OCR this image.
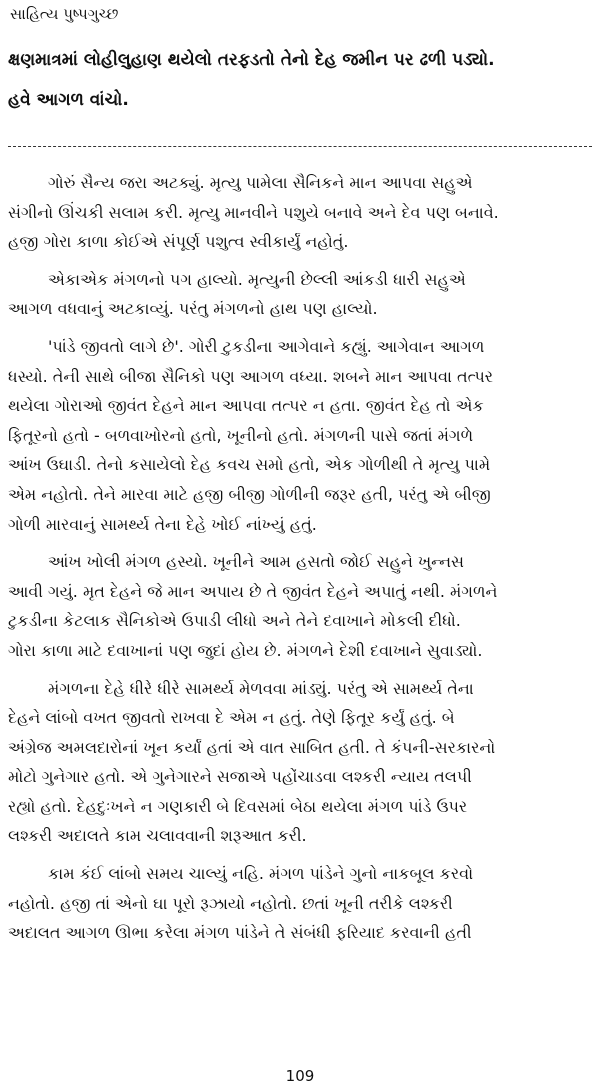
સાહિત્ય પુષ્પગુચ્છ
ક્ષણમાત્રમાં લોહીલુહાણ થયેલો તરફડતો તેનો દેહ જમીન પર ઢળી પડ્યો.
હવે આગળ વાંચો.

ગોરું સૈન્ય જરા અટક્યું. મૃત્યુ પામેલા સૈનિકને માન આપવા સહુએ
સંગીનો ઊંચકી સલામ કરી. મૃત્યુ માનવીને પશુયે બનાવે અને દેવ પણ બનાવે.
હજી ગોરા કાળા કોઈએ સંપૂર્ણ પશુત્વ સ્વીકાર્યું નહોતું.

એકાએક મંગળનો પગ હાલ્યો. મૃત્યુની છેલ્લી આંકડી ધારી સહુએ
આગળ વધવાનું અટકાવ્યું. પરંતુ મંગળનો હાથ પણ હાલ્યો.

'પાંડે જીવતો લાગે છે'. ગોરી ટુકડીના આગેવાને કહ્યું. આગેવાન આગળ
ધસ્યો. તેની સાથે બીજા સૈનિકો પણ આગળ વધ્યા. શબને માન આપવા તત્પર
થયેલા ગોરાઓ જીવંત દેહને માન આપવા તત્પર ન હતા. જીવંત દેહ તો એક
ફિતૂરનો હતો - બળવાખોરનો હતો, ખૂનીનો હતો. મંગળની પાસે જતાં મંગળે
આંખ ઉઘાડી. તેનો કસાયેલો દેહ કવચ સમો હતો, એક ગોળીથી તે મૃત્યુ પામે
એમ નહોતો. તેને મારવા માટે હજી બીજી ગોળીની જરૂર હતી, પરંતુ એ બીજી
ગોળી મારવાનું સામર્થ્ય તેના દેહે ખોઈ નાંખ્યું હતું.

આંખ ખોલી મંગળ હસ્યો. ખૂનીને આમ હસતો જોઈ સહુને ખુન્નસ
આવી ગયું. મૃત દેહને જે માન અપાય છે તે જીવંત દેહને અપાતું નથી. મંગળને
ટુકડીના કેટલાક સૈનિકોએ ઉપાડી લીધો અને તેને દવાખાને મોકલી દીધો.
ગોરા કાળા માટે દવાખાનાં પણ જુદાં હોય છે. મંગળને દેશી દવાખાને સુવાડ્યો.

મંગળના દેહે ધીરે ધીરે સામર્થ્ય મેળવવા માંડ્યું. પરંતુ એ સામર્થ્ય તેના
દેહને લાંબો વખત જીવતો રાખવા દે એમ ન હતું. તેણે ફિતૂર કર્યું હતું. બે
અંગ્રેજ અમલદારોનાં ખૂન કર્યાં હતાં એ વાત સાબિત હતી. તે કંપની-સરકારનો
મોટો ગુનેગાર હતો. એ ગુનેગારને સજાએ પહોંચાડવા લશ્કરી ન્યાય તલપી
રહ્યો હતો. દેહદુઃખને ન ગણકારી બે દિવસમાં બેઠા થયેલા મંગળ પાંડે ઉપર
લશ્કરી અદાલતે કામ ચલાવવાની શરૂઆત કરી.

કામ કંઈ લાંબો સમય ચાલ્યું નહિ. મંગળ પાંડેને ગુનો નાકબૂલ કરવો
નહોતો. હજી તાં એનો ઘા પૂરો રૂઝાયો નહોતો. છતાં ખૂની તરીકે લશ્કરી
અદાલત આગળ ઊભા કરેલા મંગળ પાંડેને તે સંબંધી ફરિયાદ કરવાની હતી

109
